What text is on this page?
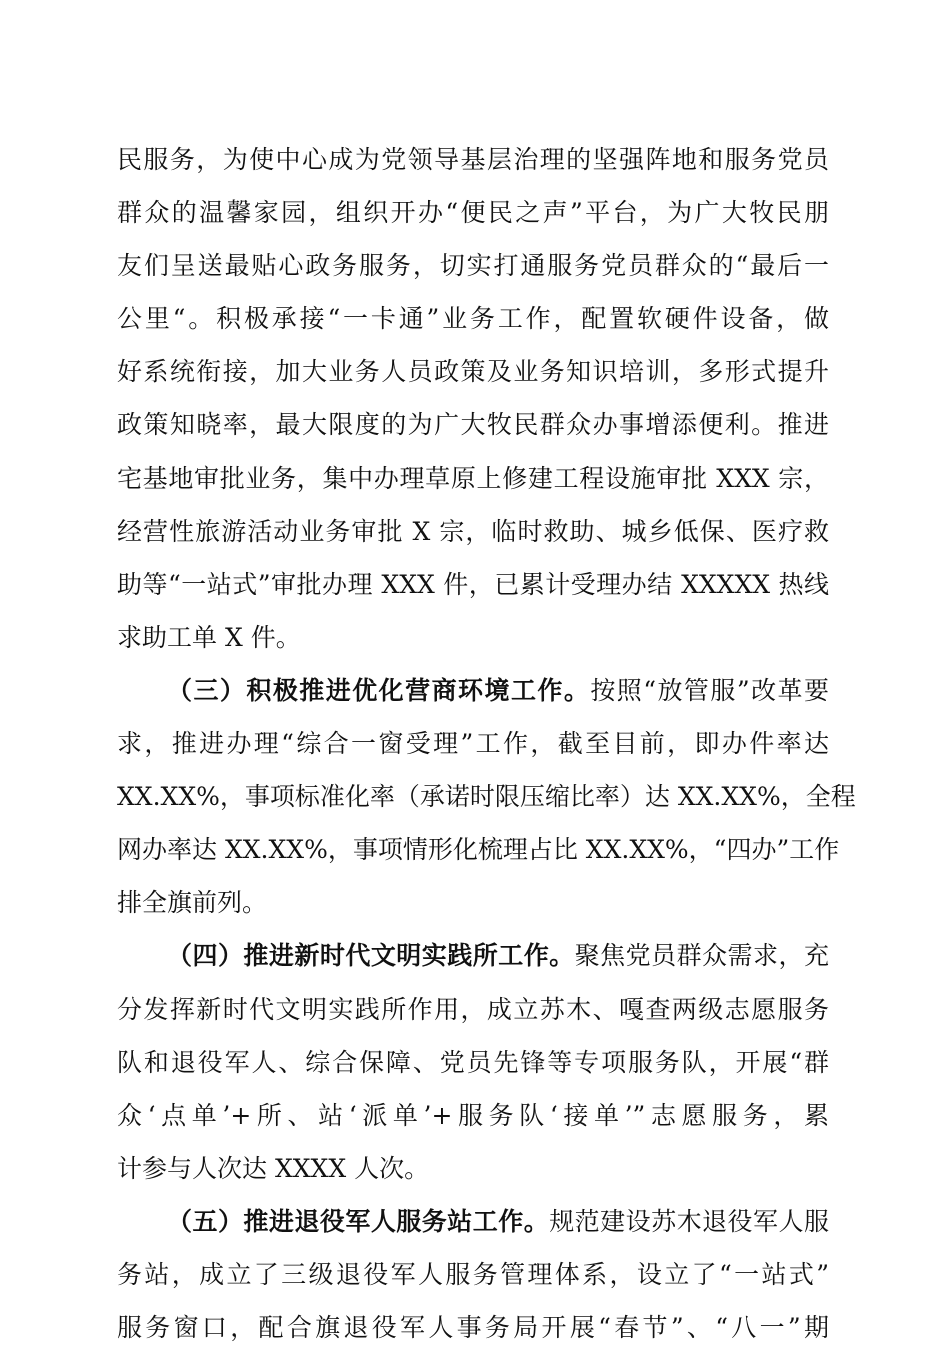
民服务，为使中心成为党领导基层治理的坚强阵地和服务党员
群众的温馨家园，组织开办“便民之声”平台，为广大牧民朋
友们呈送最贴心政务服务，切实打通服务党员群众的“最后一
公里“。积极承接“一卡通”业务工作，配置软硬件设备，做
好系统衔接，加大业务人员政策及业务知识培训，多形式提升
政策知晓率，最大限度的为广大牧民群众办事增添便利。推进
宅基地审批业务，集中办理草原上修建工程设施审批 XXX 宗，
经营性旅游活动业务审批 X 宗，临时救助、城乡低保、医疗救
助等“一站式”审批办理 XXX 件，已累计受理办结 XXXXX 热线
求助工单 X 件。
（三）积极推进优化营商环境工作。按照“放管服”改革要
求，推进办理“综合一窗受理”工作，截至目前，即办件率达
XX.XX%，事项标准化率（承诺时限压缩比率）达 XX.XX%，全程
网办率达 XX.XX%，事项情形化梳理占比 XX.XX%，“四办”工作
排全旗前列。
（四）推进新时代文明实践所工作。聚焦党员群众需求，充
分发挥新时代文明实践所作用，成立苏木、嘎查两级志愿服务
队和退役军人、综合保障、党员先锋等专项服务队，开展“群
众‘点单’+所、站‘派单’+服务队‘接单’”志愿服务，累
计参与人次达 XXXX 人次。
（五）推进退役军人服务站工作。规范建设苏木退役军人服
务站，成立了三级退役军人服务管理体系，设立了“一站式”
服务窗口，配合旗退役军人事务局开展“春节”、“八一”期
